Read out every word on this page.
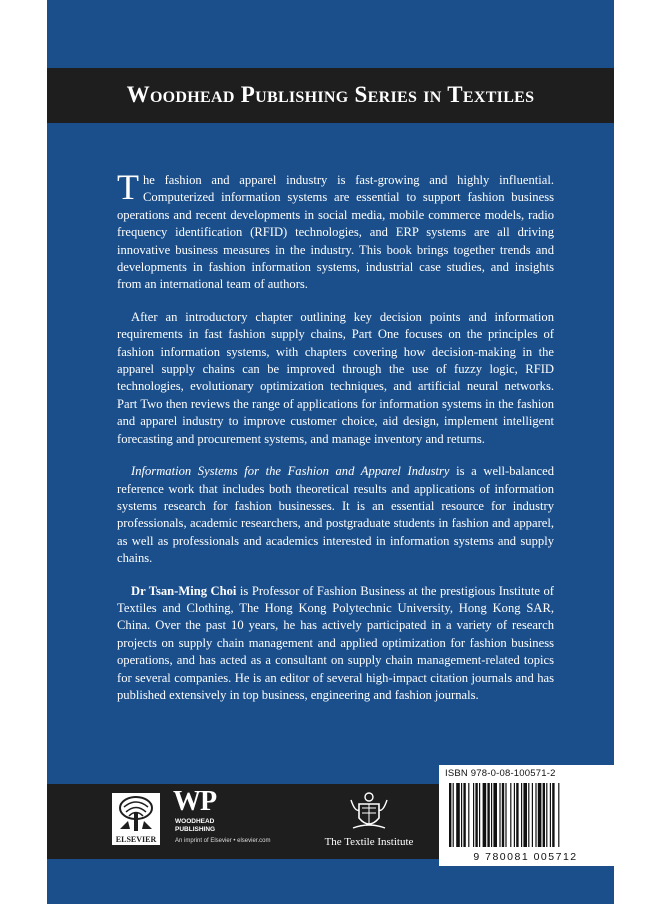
Woodhead Publishing Series in Textiles

The fashion and apparel industry is fast-growing and highly influential. Computerized information systems are essential to support fashion business operations and recent developments in social media, mobile commerce models, radio frequency identification (RFID) technologies, and ERP systems are all driving innovative business measures in the industry. This book brings together trends and developments in fashion information systems, industrial case studies, and insights from an international team of authors.

After an introductory chapter outlining key decision points and information requirements in fast fashion supply chains, Part One focuses on the principles of fashion information systems, with chapters covering how decision-making in the apparel supply chains can be improved through the use of fuzzy logic, RFID technologies, evolutionary optimization techniques, and artificial neural networks. Part Two then reviews the range of applications for information systems in the fashion and apparel industry to improve customer choice, aid design, implement intelligent forecasting and procurement systems, and manage inventory and returns.

Information Systems for the Fashion and Apparel Industry is a well-balanced reference work that includes both theoretical results and applications of information systems research for fashion businesses. It is an essential resource for industry professionals, academic researchers, and postgraduate students in fashion and apparel, as well as professionals and academics interested in information systems and supply chains.

Dr Tsan-Ming Choi is Professor of Fashion Business at the prestigious Institute of Textiles and Clothing, The Hong Kong Polytechnic University, Hong Kong SAR, China. Over the past 10 years, he has actively participated in a variety of research projects on supply chain management and applied optimization for fashion business operations, and has acted as a consultant on supply chain management-related topics for several companies. He is an editor of several high-impact citation journals and has published extensively in top business, engineering and fashion journals.

ELSEVIER
WP
WOODHEAD
PUBLISHING
An imprint of Elsevier • elsevier.com	The Textile Institute
ISBN 978-0-08-100571-2
9 780081 005712
